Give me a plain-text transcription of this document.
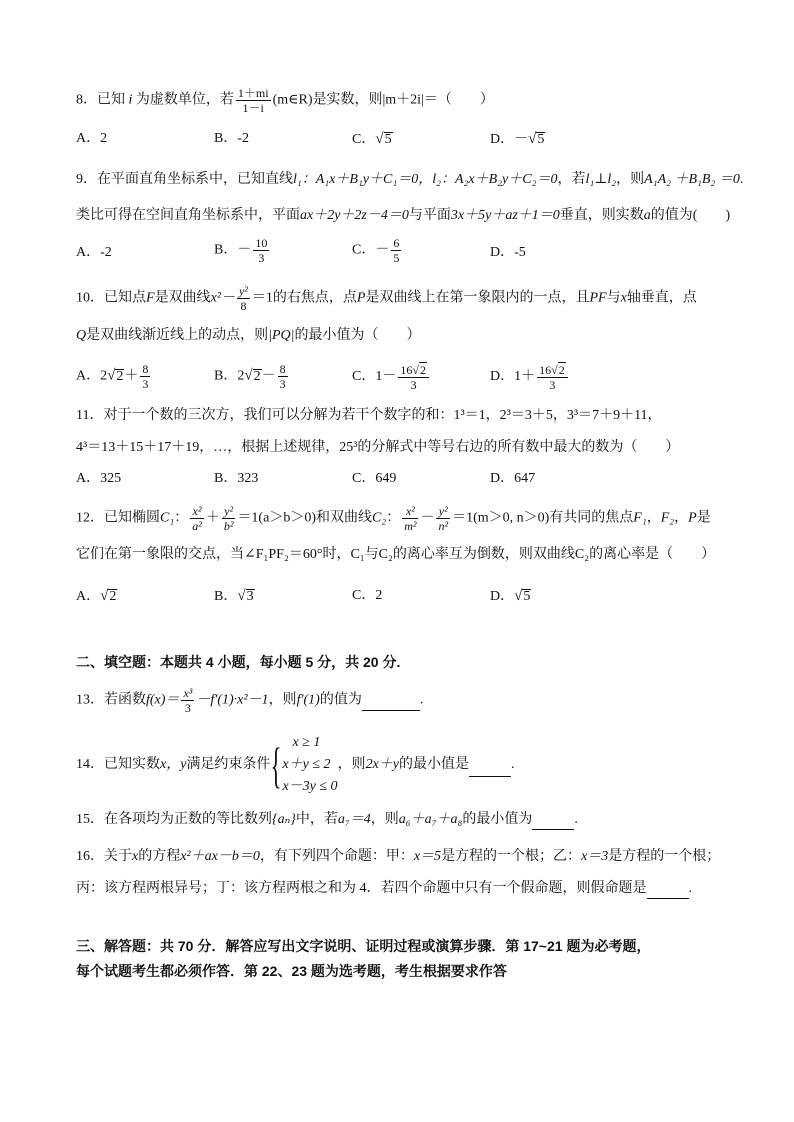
8．已知 i 为虚数单位，若 $\frac{1+mi}{1-i}$ (m∈R)是实数，则|m＋2i|＝（　　）
A．2	B．-2	C．√5	D．－√5
9．在平面直角坐标系中，已知直线l₁：A₁x＋B₁y＋C₁＝0，l₂：A₂x＋B₂y＋C₂＝0，若l₁⊥l₂，则A₁A₂ ＋B₁B₂ ＝0.
类比可得在空间直角坐标系中，平面ax＋2y＋2z－4＝0与平面3x＋5y＋az＋1＝0垂直，则实数a的值为(　　)
A．-2	B．－ $\frac{10}{3}$	C．－ $\frac{6}{5}$	D．-5
10．已知点F是双曲线$x^2- \frac{\text{y²}}{8} =1$的右焦点，点P是双曲线上在第一象限内的一点，且PF与x轴垂直，点
Q是双曲线渐近线上的动点，则|PQ|的最小值为（　　）
A．$2√2+ \frac{8}{3}$	B．$2√2- \frac{8}{3}$	C．$1- \frac{16√2}{3}$	D．$1+ \frac{16√2}{3}$
11．对于一个数的三次方，我们可以分解为若干个数字的和：1³＝1，2³＝3＋5，3³＝7＋9＋11，
4³＝13＋15＋17＋19，…，根据上述规律，25³的分解式中等号右边的所有数中最大的数为（　　）
A．325	B．323	C．649	D．647
12．已知椭圆C₁： $\frac{\text{x²}}{\text{a²}} + \frac{\text{y²}}{\text{b²}} =1(a>b>0)$和双曲线C₂： $\frac{\text{x²}}{\text{m²}} - \frac{\text{y²}}{\text{n²}} =1(m>0$, n＞0)有共同的焦点F₁，F₂，P是
它们在第一象限的交点，当∠F₁PF₂＝60°时，C₁与C₂的离心率互为倒数，则双曲线C₂的离心率是（　　）
A．√2	B．√3	C．2	D．√5
二、填空题：本题共 4 小题，每小题 5 分，共 20 分.
13．若函数$f(x)= \frac{\text{x³}}{3} -f'(1)\cdot x^2-1$，则f′(1)的值为	.
14．已知实数x，y满足约束条件{ x ≥ 1
x＋y ≤ 2
x－3y ≤ 0
，则2x＋y的最小值是	.
15．在各项均为正数的等比数列{aₙ}中，若a₇＝4，则a₆＋a₇＋a₈的最小值为	.
16．关于x的方程x²＋ax－b＝0，有下列四个命题：甲：x＝5是方程的一个根；乙：x＝3是方程的一个根；
丙：该方程两根异号；丁：该方程两根之和为 4．若四个命题中只有一个假命题，则假命题是	.
三、解答题：共 70 分．解答应写出文字说明、证明过程或演算步骤．第 17~21 题为必考题，
每个试题考生都必须作答．第 22、23 题为选考题，考生根据要求作答
